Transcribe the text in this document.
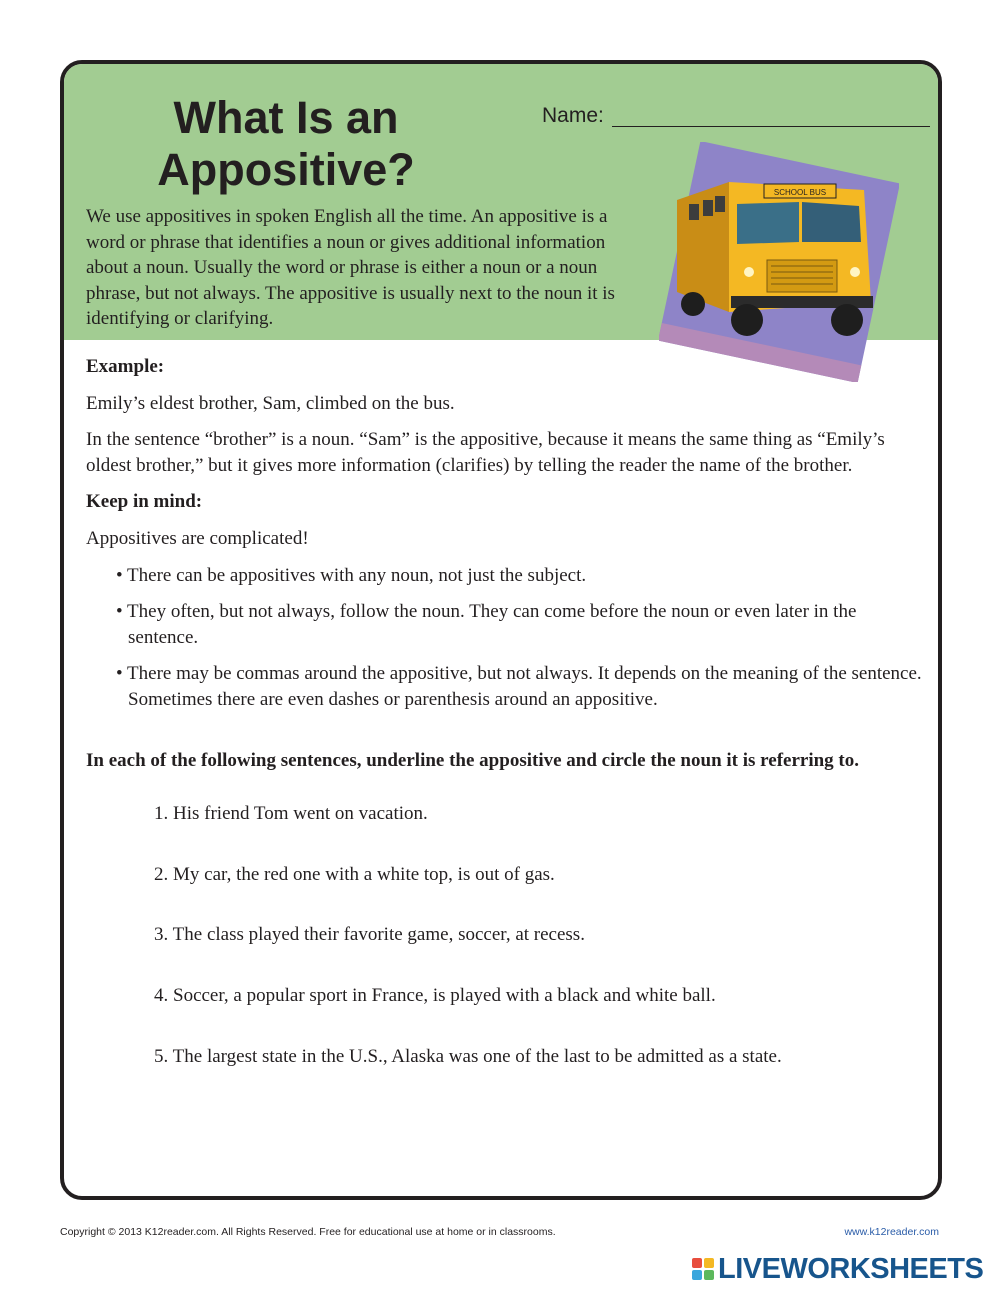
What Is an
Appositive?
Name:

We use appositives in spoken English all the time. An appositive is a word or phrase that identifies a noun or gives additional information about a noun. Usually the word or phrase is either a noun or a noun phrase, but not always. The appositive is usually next to the noun it is identifying or clarifying.

SCHOOL BUS

Example:

Emily’s eldest brother, Sam, climbed on the bus.

In the sentence “brother” is a noun. “Sam” is the appositive, because it means the same thing as “Emily’s oldest brother,” but it gives more information (clarifies) by telling the reader the name of the brother.

Keep in mind:

Appositives are complicated!

• There can be appositives with any noun, not just the subject.
• They often, but not always, follow the noun. They can come before the noun or even later in the sentence.
• There may be commas around the appositive, but not always. It depends on the meaning of the sentence. Sometimes there are even dashes or parenthesis around an appositive.

In each of the following sentences, underline the appositive and circle the noun it is referring to.

1. His friend Tom went on vacation.
2. My car, the red one with a white top, is out of gas.
3. The class played their favorite game, soccer, at recess.
4. Soccer, a popular sport in France, is played with a black and white ball.
5. The largest state in the U.S., Alaska was one of the last to be admitted as a state.
Copyright © 2013 K12reader.com. All Rights Reserved. Free for educational use at home or in classrooms.	www.k12reader.com
LIVEWORKSHEETS
